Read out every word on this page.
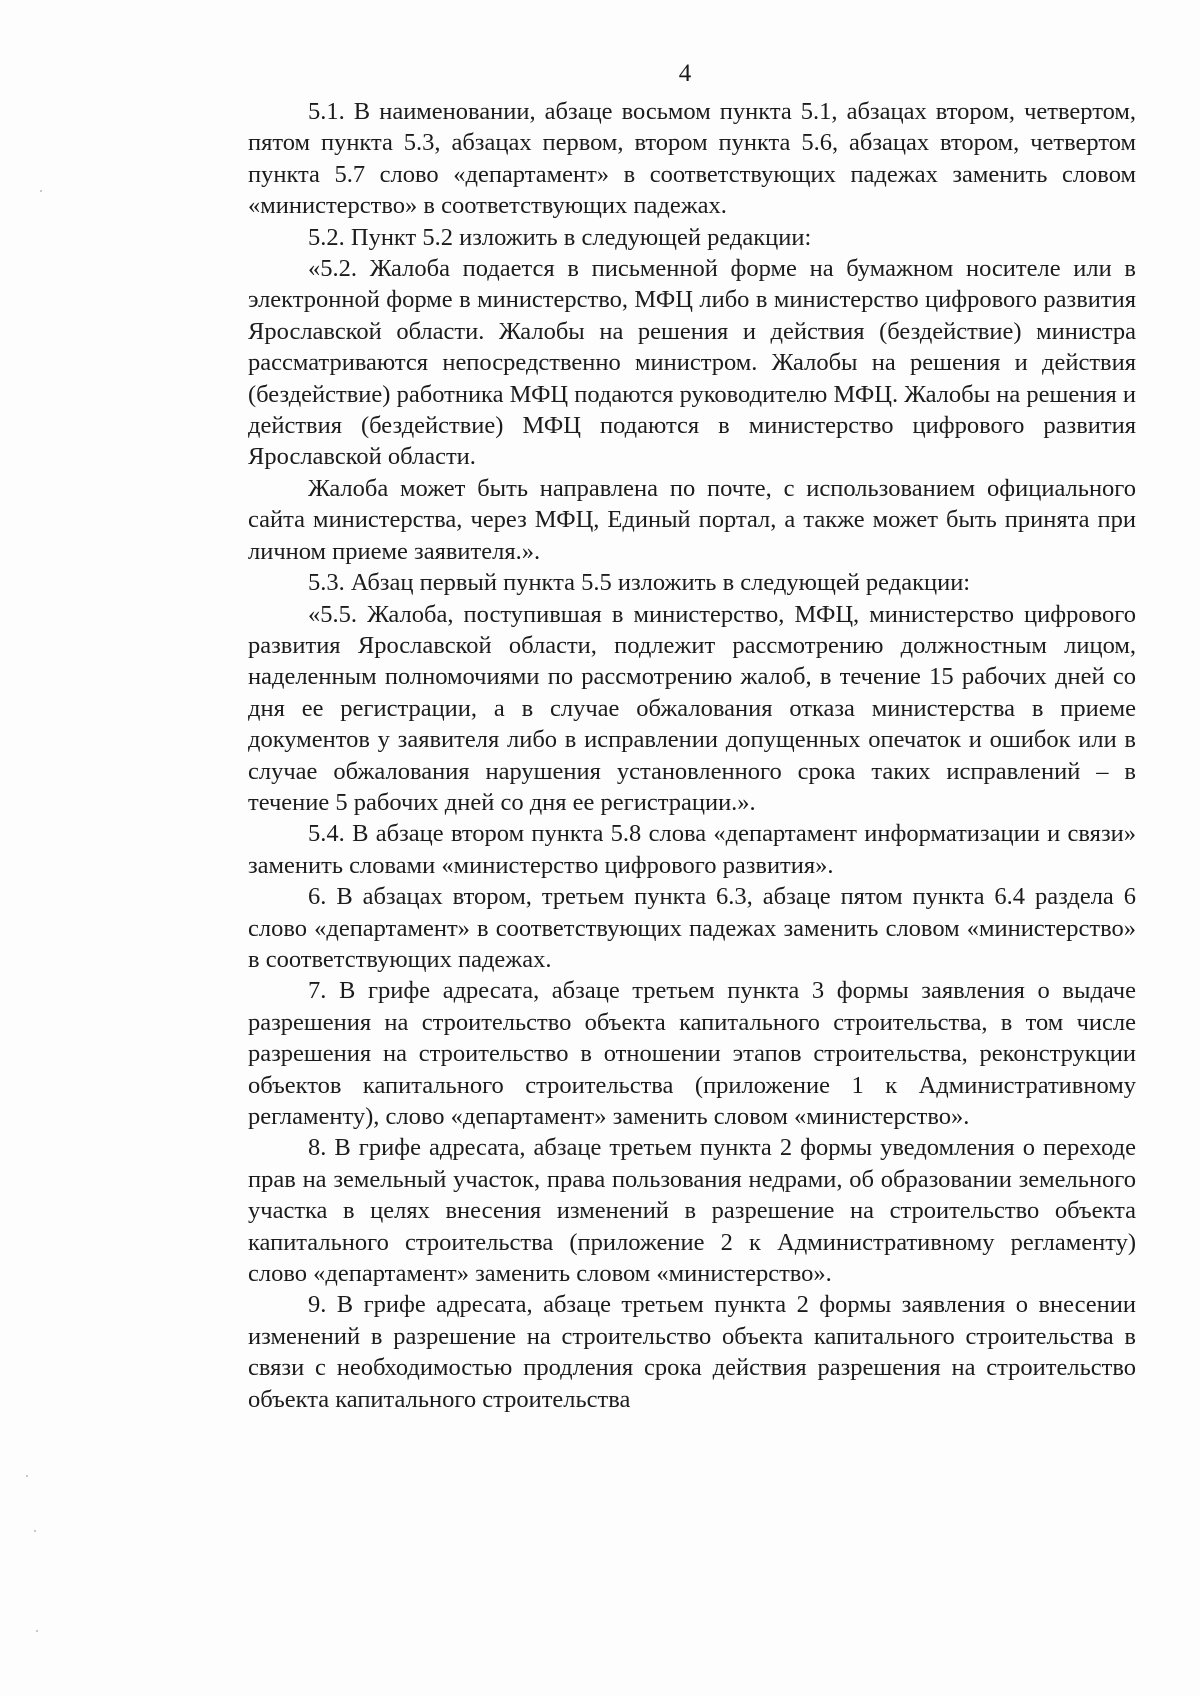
4

5.1. В наименовании, абзаце восьмом пункта 5.1, абзацах втором, четвертом, пятом пункта 5.3, абзацах первом, втором пункта 5.6, абзацах втором, четвертом пункта 5.7 слово «департамент» в соответствующих падежах заменить словом «министерство» в соответствующих падежах.

5.2. Пункт 5.2 изложить в следующей редакции:

«5.2. Жалоба подается в письменной форме на бумажном носителе или в электронной форме в министерство, МФЦ либо в министерство цифрового развития Ярославской области. Жалобы на решения и действия (бездействие) министра рассматриваются непосредственно министром. Жалобы на решения и действия (бездействие) работника МФЦ подаются руководителю МФЦ. Жалобы на решения и действия (бездействие) МФЦ подаются в министерство цифрового развития Ярославской области.

Жалоба может быть направлена по почте, с использованием официального сайта министерства, через МФЦ, Единый портал, а также может быть принята при личном приеме заявителя.».

5.3. Абзац первый пункта 5.5 изложить в следующей редакции:

«5.5. Жалоба, поступившая в министерство, МФЦ, министерство цифрового развития Ярославской области, подлежит рассмотрению должностным лицом, наделенным полномочиями по рассмотрению жалоб, в течение 15 рабочих дней со дня ее регистрации, а в случае обжалования отказа министерства в приеме документов у заявителя либо в исправлении допущенных опечаток и ошибок или в случае обжалования нарушения установленного срока таких исправлений – в течение 5 рабочих дней со дня ее регистрации.».

5.4. В абзаце втором пункта 5.8 слова «департамент информатизации и связи» заменить словами «министерство цифрового развития».

6. В абзацах втором, третьем пункта 6.3, абзаце пятом пункта 6.4 раздела 6 слово «департамент» в соответствующих падежах заменить словом «министерство» в соответствующих падежах.

7. В грифе адресата, абзаце третьем пункта 3 формы заявления о выдаче разрешения на строительство объекта капитального строительства, в том числе разрешения на строительство в отношении этапов строительства, реконструкции объектов капитального строительства (приложение 1 к Административному регламенту), слово «департамент» заменить словом «министерство».

8. В грифе адресата, абзаце третьем пункта 2 формы уведомления о переходе прав на земельный участок, права пользования недрами, об образовании земельного участка в целях внесения изменений в разрешение на строительство объекта капитального строительства (приложение 2 к Административному регламенту) слово «департамент» заменить словом «министерство».

9. В грифе адресата, абзаце третьем пункта 2 формы заявления о внесении изменений в разрешение на строительство объекта капитального строительства в связи с необходимостью продления срока действия разрешения на строительство объекта капитального строительства
